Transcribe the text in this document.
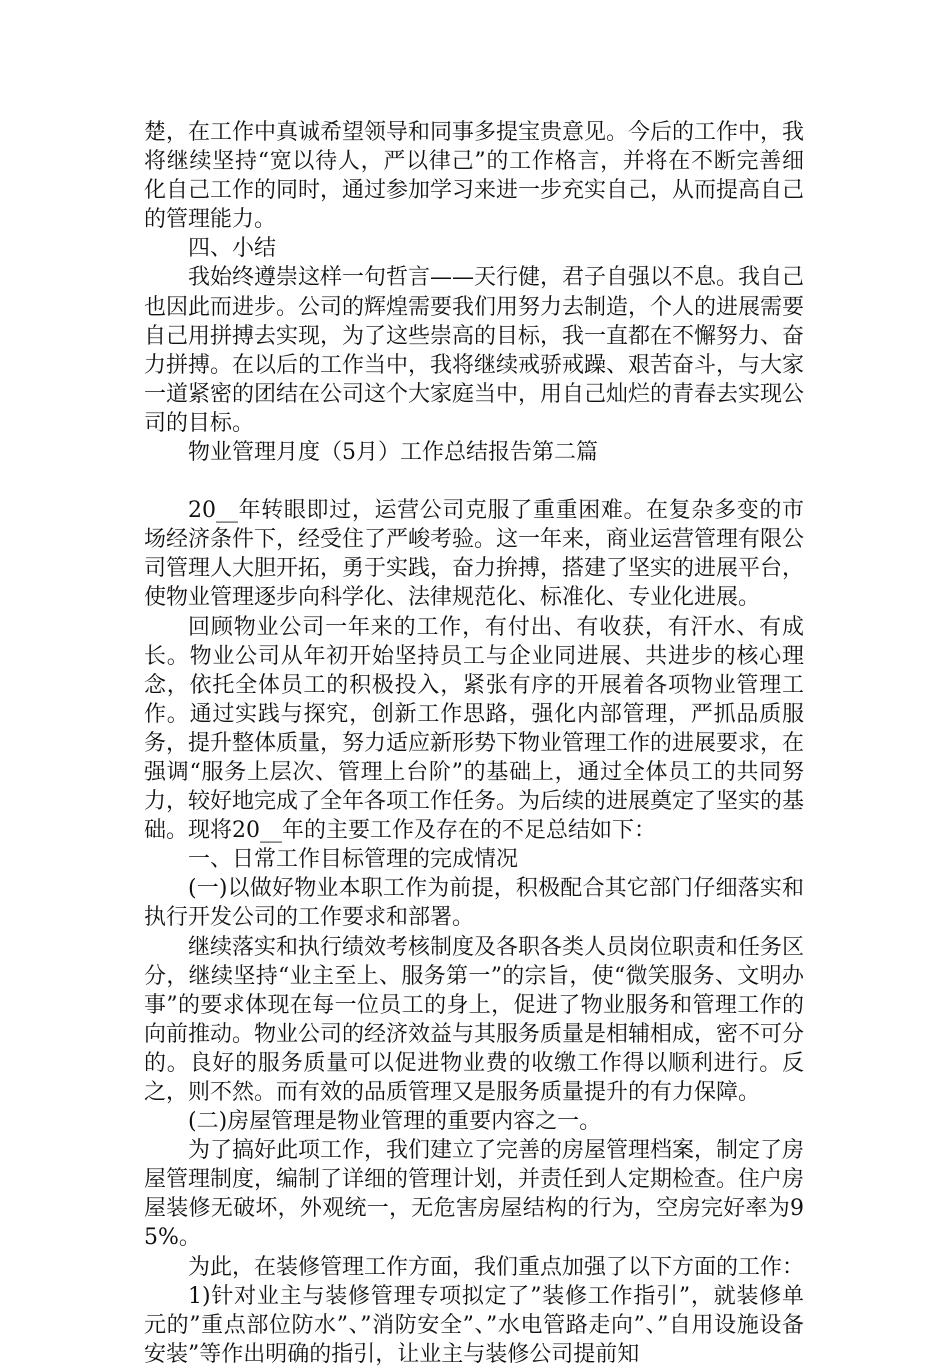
楚，在工作中真诚希望领导和同事多提宝贵意见。今后的工作中，我将继续坚持“宽以待人，严以律己”的工作格言，并将在不断完善细化自己工作的同时，通过参加学习来进一步充实自己，从而提高自己的管理能力。

四、小结

我始终遵崇这样一句哲言——天行健，君子自强以不息。我自己也因此而进步。公司的辉煌需要我们用努力去制造，个人的进展需要自己用拼搏去实现，为了这些崇高的目标，我一直都在不懈努力、奋力拼搏。在以后的工作当中，我将继续戒骄戒躁、艰苦奋斗，与大家一道紧密的团结在公司这个大家庭当中，用自己灿烂的青春去实现公司的目标。

物业管理月度（5月）工作总结报告第二篇

20__年转眼即过，运营公司克服了重重困难。在复杂多变的市场经济条件下，经受住了严峻考验。这一年来，商业运营管理有限公司管理人大胆开拓，勇于实践，奋力拚搏，搭建了坚实的进展平台，使物业管理逐步向科学化、法律规范化、标准化、专业化进展。

回顾物业公司一年来的工作，有付出、有收获，有汗水、有成长。物业公司从年初开始坚持员工与企业同进展、共进步的核心理念，依托全体员工的积极投入，紧张有序的开展着各项物业管理工作。通过实践与探究，创新工作思路，强化内部管理，严抓品质服务，提升整体质量，努力适应新形势下物业管理工作的进展要求，在强调“服务上层次、管理上台阶”的基础上，通过全体员工的共同努力，较好地完成了全年各项工作任务。为后续的进展奠定了坚实的基础。现将20__年的主要工作及存在的不足总结如下：

一、日常工作目标管理的完成情况

(一)以做好物业本职工作为前提，积极配合其它部门仔细落实和执行开发公司的工作要求和部署。

继续落实和执行绩效考核制度及各职各类人员岗位职责和任务区分，继续坚持“业主至上、服务第一”的宗旨，使“微笑服务、文明办事”的要求体现在每一位员工的身上，促进了物业服务和管理工作的向前推动。物业公司的经济效益与其服务质量是相辅相成，密不可分的。良好的服务质量可以促进物业费的收缴工作得以顺利进行。反之，则不然。而有效的品质管理又是服务质量提升的有力保障。

(二)房屋管理是物业管理的重要内容之一。

为了搞好此项工作，我们建立了完善的房屋管理档案，制定了房屋管理制度，编制了详细的管理计划，并责任到人定期检查。住户房屋装修无破坏，外观统一，无危害房屋结构的行为，空房完好率为95%。

为此，在装修管理工作方面，我们重点加强了以下方面的工作：

1)针对业主与装修管理专项拟定了”装修工作指引”，就装修单元的”重点部位防水”、”消防安全”、”水电管路走向”、”自用设施设备安装”等作出明确的指引，让业主与装修公司提前知
